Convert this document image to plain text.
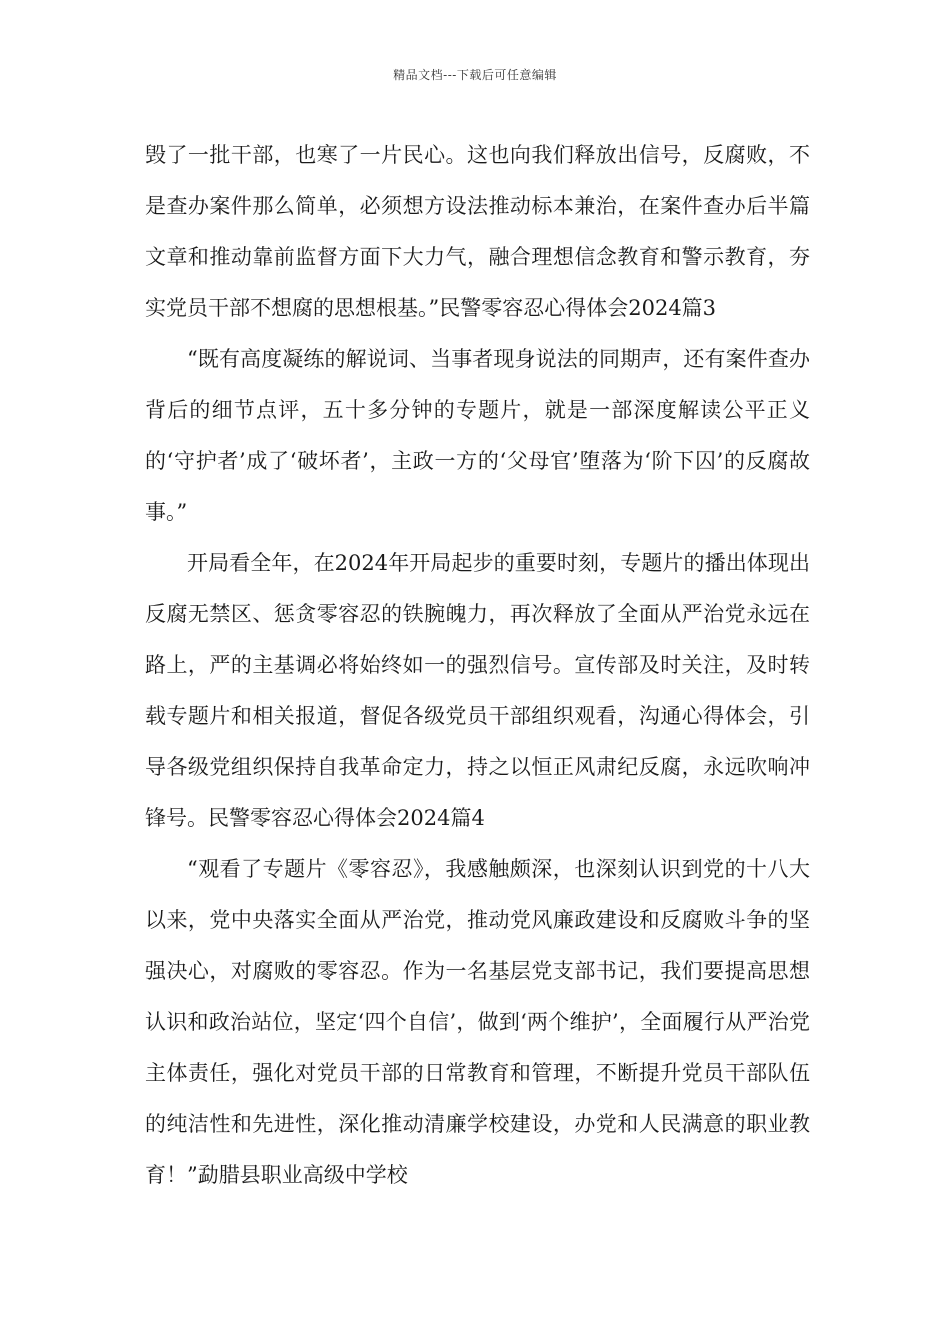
精品文档---下载后可任意编辑

毁了一批干部，也寒了一片民心。这也向我们释放出信号，反腐败，不是查办案件那么简单，必须想方设法推动标本兼治，在案件查办后半篇文章和推动靠前监督方面下大力气，融合理想信念教育和警示教育，夯实党员干部不想腐的思想根基。”民警零容忍心得体会2024篇3

“既有高度凝练的解说词、当事者现身说法的同期声，还有案件查办背后的细节点评，五十多分钟的专题片，就是一部深度解读公平正义的‘守护者’成了‘破坏者’，主政一方的‘父母官’堕落为‘阶下囚’的反腐故事。”

开局看全年，在2024年开局起步的重要时刻，专题片的播出体现出反腐无禁区、惩贪零容忍的铁腕魄力，再次释放了全面从严治党永远在路上，严的主基调必将始终如一的强烈信号。宣传部及时关注，及时转载专题片和相关报道，督促各级党员干部组织观看，沟通心得体会，引导各级党组织保持自我革命定力，持之以恒正风肃纪反腐，永远吹响冲锋号。民警零容忍心得体会2024篇4

“观看了专题片《零容忍》，我感触颇深，也深刻认识到党的十八大以来，党中央落实全面从严治党，推动党风廉政建设和反腐败斗争的坚强决心，对腐败的零容忍。作为一名基层党支部书记，我们要提高思想认识和政治站位，坚定‘四个自信’，做到‘两个维护’，全面履行从严治党主体责任，强化对党员干部的日常教育和管理，不断提升党员干部队伍的纯洁性和先进性，深化推动清廉学校建设，办党和人民满意的职业教育！”勐腊县职业高级中学校
